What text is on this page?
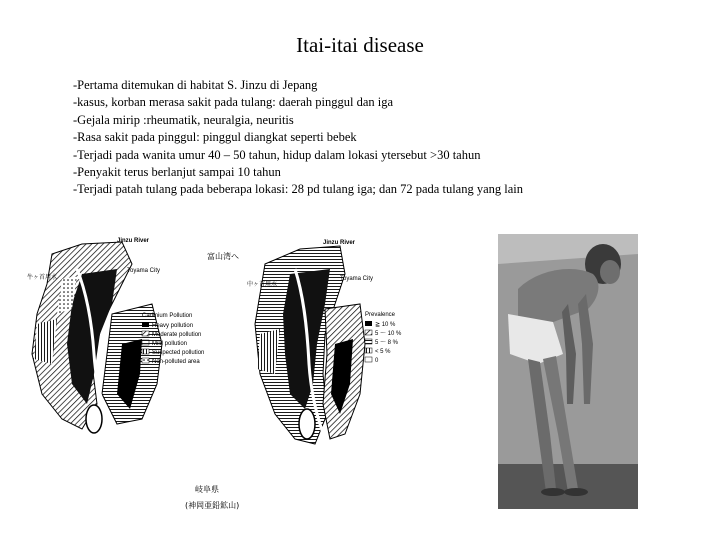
Itai-itai disease
-Pertama ditemukan di habitat S. Jinzu di Jepang
-kasus, korban merasa sakit pada tulang: daerah pinggul dan iga
-Gejala mirip :rheumatik, neuralgia, neuritis
-Rasa sakit pada pinggul: pinggul diangkat seperti bebek
-Terjadi pada wanita umur 40 – 50 tahun, hidup dalam lokasi ytersebut >30 tahun
-Penyakit terus berlanjut sampai 10 tahun
-Terjadi patah tulang pada beberapa lokasi: 28 pd tulang iga; dan 72 pada tulang yang lain
Jinzu River
Toyama City
富山湾へ
牛ヶ首用水
Cadmium Pollution
Heavy pollution
Moderate pollution
Mild pollution
Suspected pollution
Non-polluted area
Jinzu River
Toyama City
中ヶ首用水
Prevalence
≧ 10 %
5 ～ 10 %
5 ～ 8 %
< 5 %
0
岐阜県
(神岡亜鉛鉱山)
